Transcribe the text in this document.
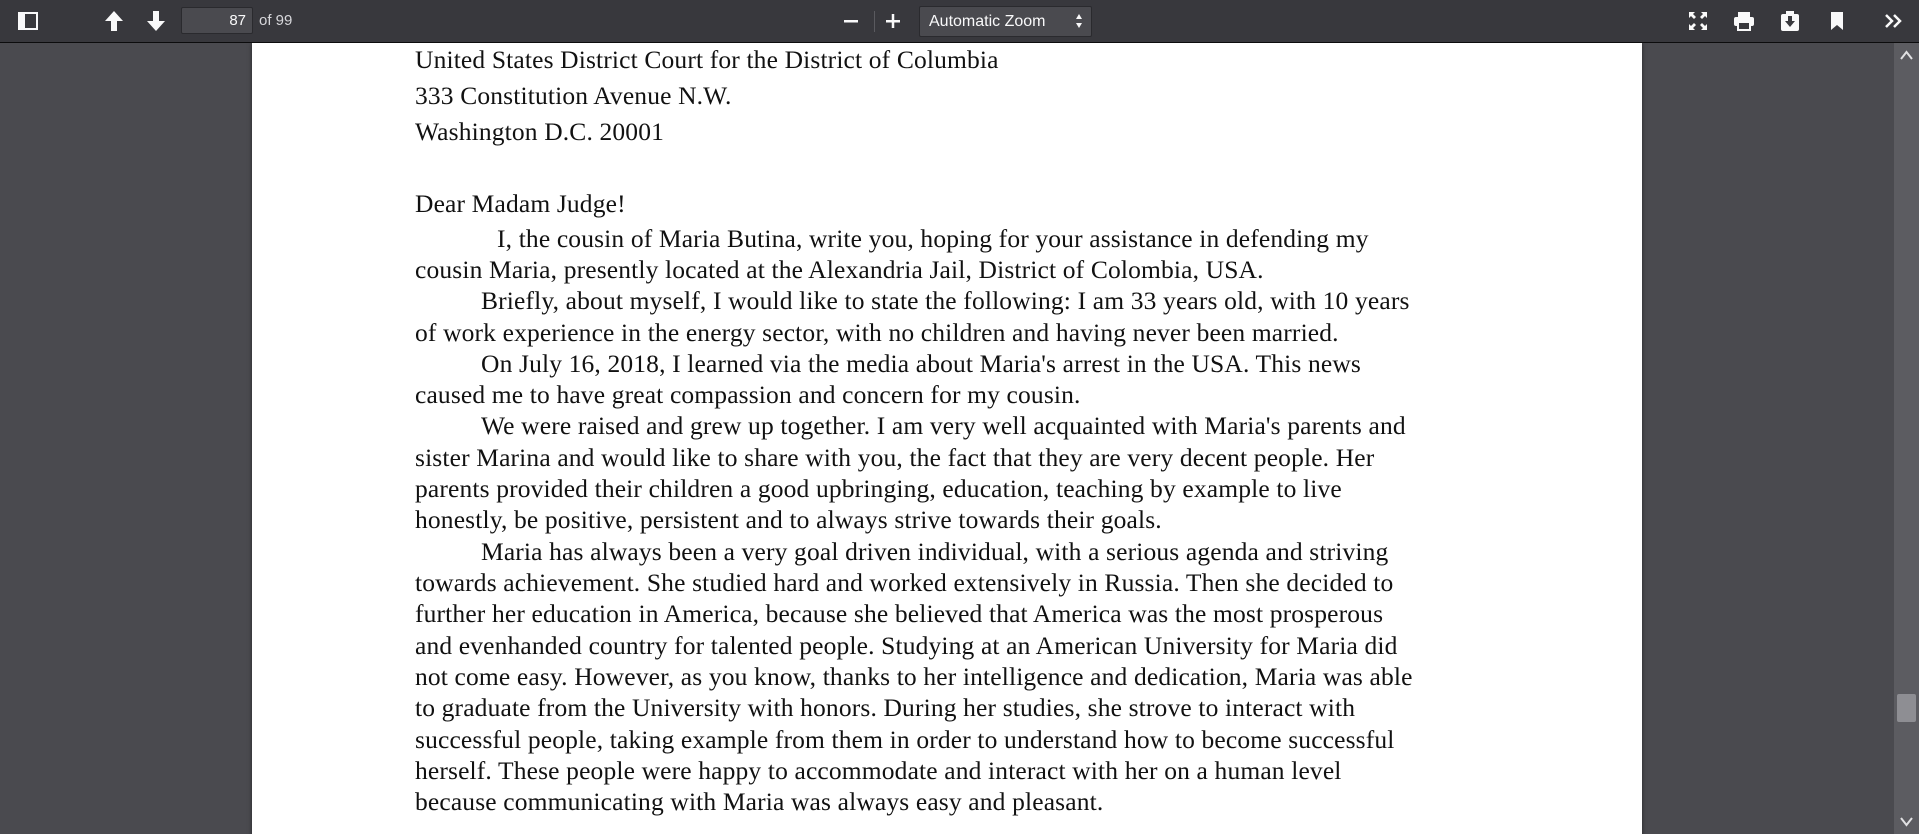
87 of 99	Automatic Zoom
United States District Court for the District of Columbia
333 Constitution Avenue N.W.
Washington D.C. 20001
Dear Madam Judge!
I, the cousin of Maria Butina, write you, hoping for your assistance in defending my
cousin Maria, presently located at the Alexandria Jail, District of Colombia, USA.
Briefly, about myself, I would like to state the following: I am 33 years old, with 10 years
of work experience in the energy sector, with no children and having never been married.
On July 16, 2018, I learned via the media about Maria's arrest in the USA. This news
caused me to have great compassion and concern for my cousin.
We were raised and grew up together. I am very well acquainted with Maria's parents and
sister Marina and would like to share with you, the fact that they are very decent people. Her
parents provided their children a good upbringing, education, teaching by example to live
honestly, be positive, persistent and to always strive towards their goals.
Maria has always been a very goal driven individual, with a serious agenda and striving
towards achievement. She studied hard and worked extensively in Russia. Then she decided to
further her education in America, because she believed that America was the most prosperous
and evenhanded country for talented people. Studying at an American University for Maria did
not come easy. However, as you know, thanks to her intelligence and dedication, Maria was able
to graduate from the University with honors. During her studies, she strove to interact with
successful people, taking example from them in order to understand how to become successful
herself. These people were happy to accommodate and interact with her on a human level
because communicating with Maria was always easy and pleasant.
